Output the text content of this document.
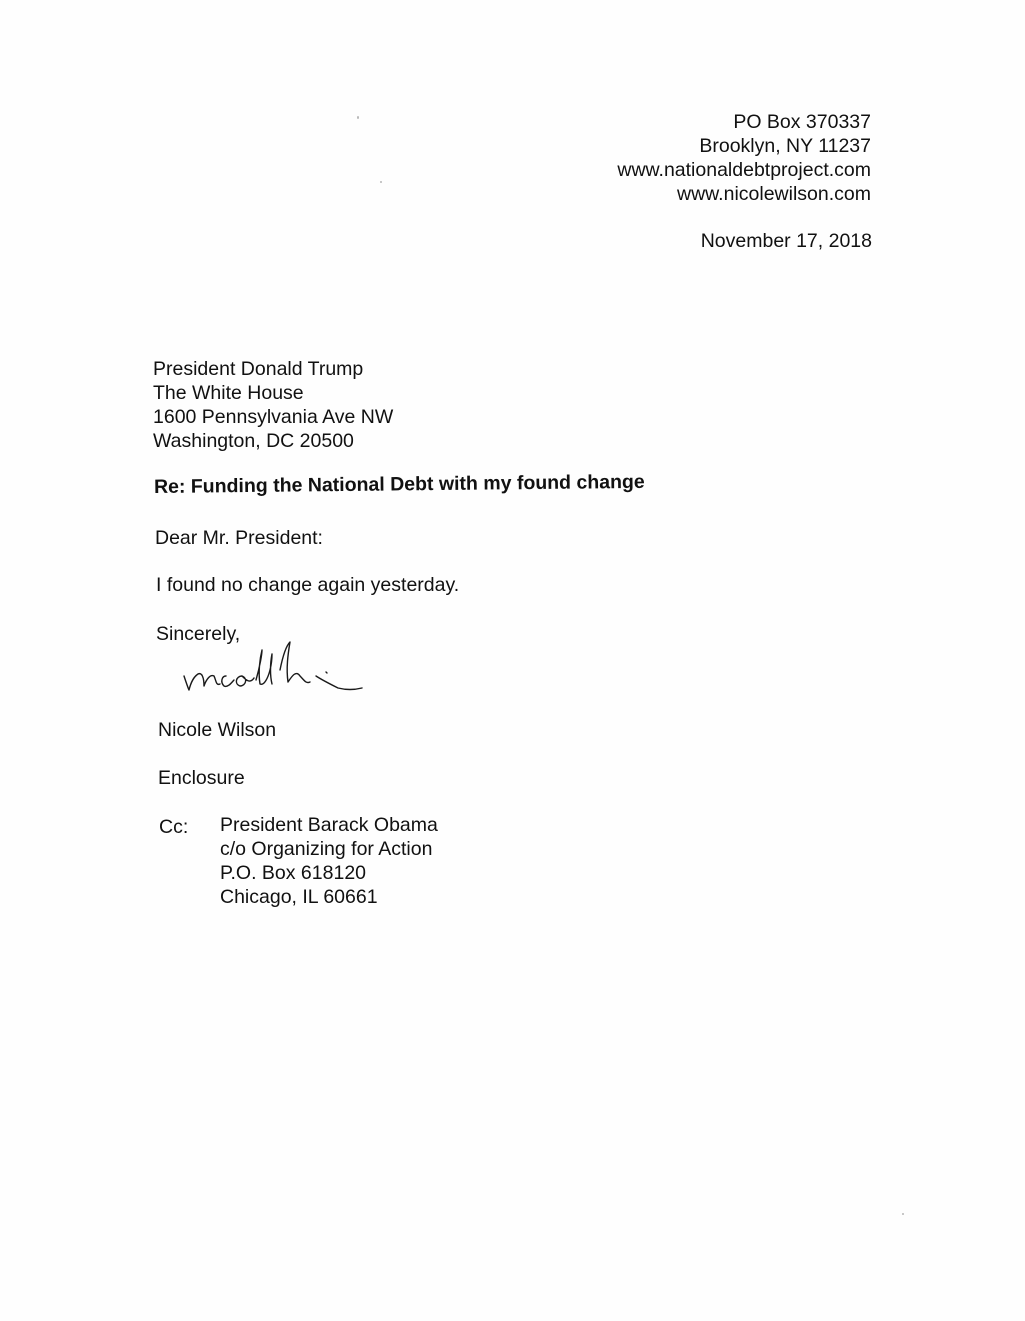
PO Box 370337
Brooklyn, NY 11237
www.nationaldebtproject.com
www.nicolewilson.com
November 17, 2018
President Donald Trump
The White House
1600 Pennsylvania Ave NW
Washington, DC 20500
Re: Funding the National Debt with my found change
Dear Mr. President:
I found no change again yesterday.
Sincerely,
Nicole Wilson
Enclosure
Cc: President Barack Obama
c/o Organizing for Action
P.O. Box 618120
Chicago, IL 60661
